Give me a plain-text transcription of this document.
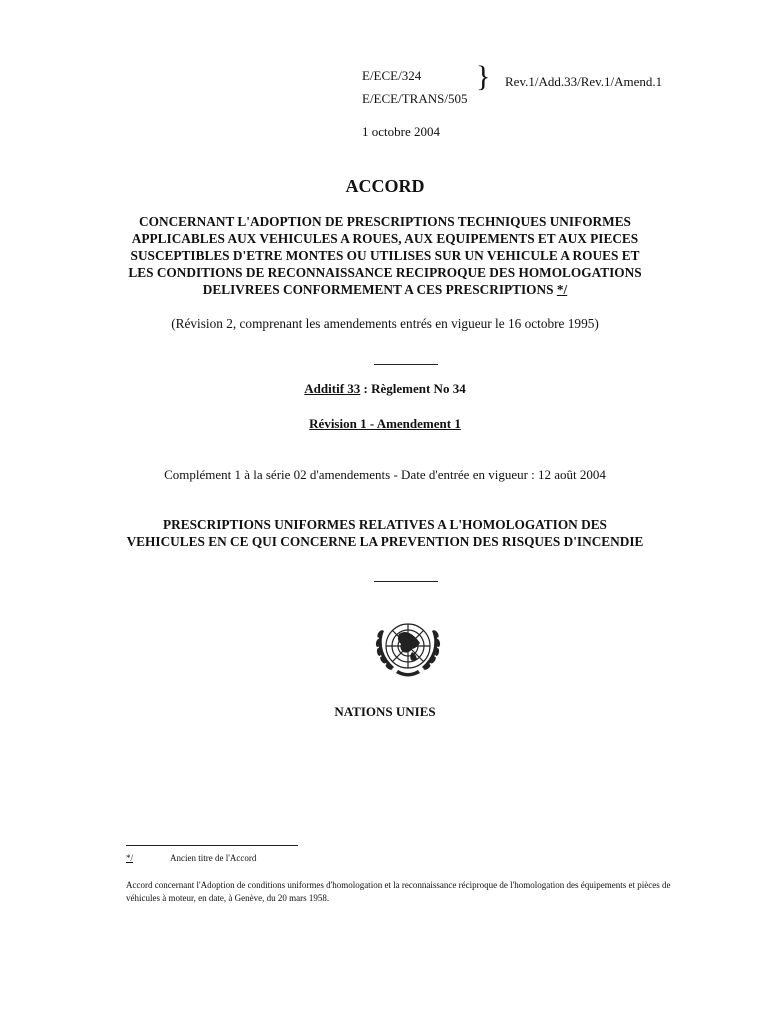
E/ECE/324
E/ECE/TRANS/505
} Rev.1/Add.33/Rev.1/Amend.1
1 octobre 2004
ACCORD
CONCERNANT L'ADOPTION DE PRESCRIPTIONS TECHNIQUES UNIFORMES
APPLICABLES AUX VEHICULES A ROUES, AUX EQUIPEMENTS ET AUX PIECES
SUSCEPTIBLES D'ETRE MONTES OU UTILISES SUR UN VEHICULE A ROUES ET
LES CONDITIONS DE RECONNAISSANCE RECIPROQUE DES HOMOLOGATIONS
DELIVREES CONFORMEMENT A CES PRESCRIPTIONS */
(Révision 2, comprenant les amendements entrés en vigueur le 16 octobre 1995)
Additif 33 : Règlement No 34
Révision 1 - Amendement 1
Complément 1 à la série 02 d'amendements - Date d'entrée en vigueur : 12 août 2004
PRESCRIPTIONS UNIFORMES RELATIVES A L'HOMOLOGATION DES
VEHICULES EN CE QUI CONCERNE LA PREVENTION DES RISQUES D'INCENDIE
NATIONS UNIES
*/	Ancien titre de l'Accord
Accord concernant l'Adoption de conditions uniformes d'homologation et la reconnaissance réciproque de l'homologation des équipements et pièces de véhicules à moteur, en date, à Genève, du 20 mars 1958.
